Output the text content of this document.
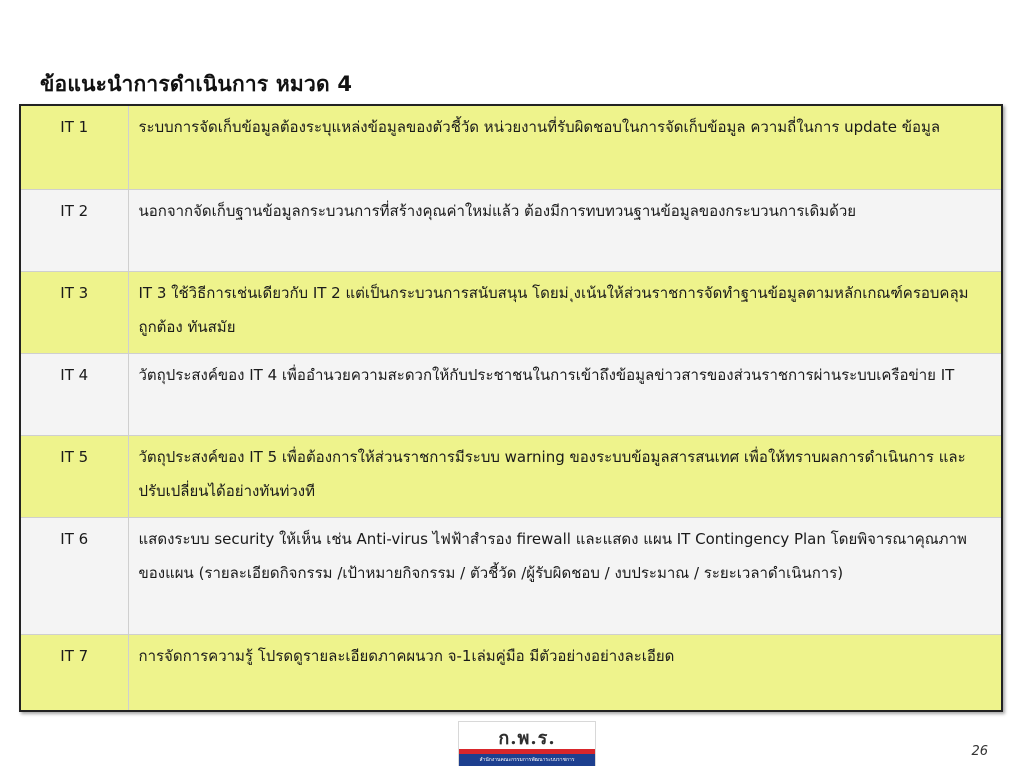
ข้อแนะนำการดำเนินการ หมวด 4
IT 1	ระบบการจัดเก็บข้อมูลต้องระบุแหล่งข้อมูลของตัวชี้วัด หน่วยงานที่รับผิดชอบในการจัดเก็บข้อมูล ความถี่ในการ update ข้อมูล
IT 2	นอกจากจัดเก็บฐานข้อมูลกระบวนการที่สร้างคุณค่าใหม่แล้ว ต้องมีการทบทวนฐานข้อมูลของกระบวนการเดิมด้วย
IT 3	IT 3 ใช้วิธีการเช่นเดียวกับ IT 2 แต่เป็นกระบวนการสนับสนุน โดยม่ ุงเน้นให้ส่วนราชการจัดทำฐานข้อมูลตามหลักเกณฑ์ครอบคลุม ถูกต้อง ทันสมัย
IT 4	วัตถุประสงค์ของ IT 4 เพื่ออำนวยความสะดวกให้กับประชาชนในการเข้าถึงข้อมูลข่าวสารของส่วนราชการผ่านระบบเครือข่าย IT
IT 5	วัตถุประสงค์ของ IT 5 เพื่อต้องการให้ส่วนราชการมีระบบ warning ของระบบข้อมูลสารสนเทศ เพื่อให้ทราบผลการดำเนินการ และปรับเปลี่ยนได้อย่างทันท่วงที
IT 6	แสดงระบบ security ให้เห็น เช่น Anti-virus ไฟฟ้าสำรอง firewall และแสดง แผน IT Contingency Plan โดยพิจารณาคุณภาพของแผน (รายละเอียดกิจกรรม /เป้าหมายกิจกรรม / ตัวชี้วัด /ผู้รับผิดชอบ / งบประมาณ / ระยะเวลาดำเนินการ)
IT 7	การจัดการความรู้ โปรดดูรายละเอียดภาคผนวก จ-1เล่มคู่มือ มีตัวอย่างอย่างละเอียด
ก.พ.ร.
สำนักงานคณะกรรมการพัฒนาระบบราชการ
26
